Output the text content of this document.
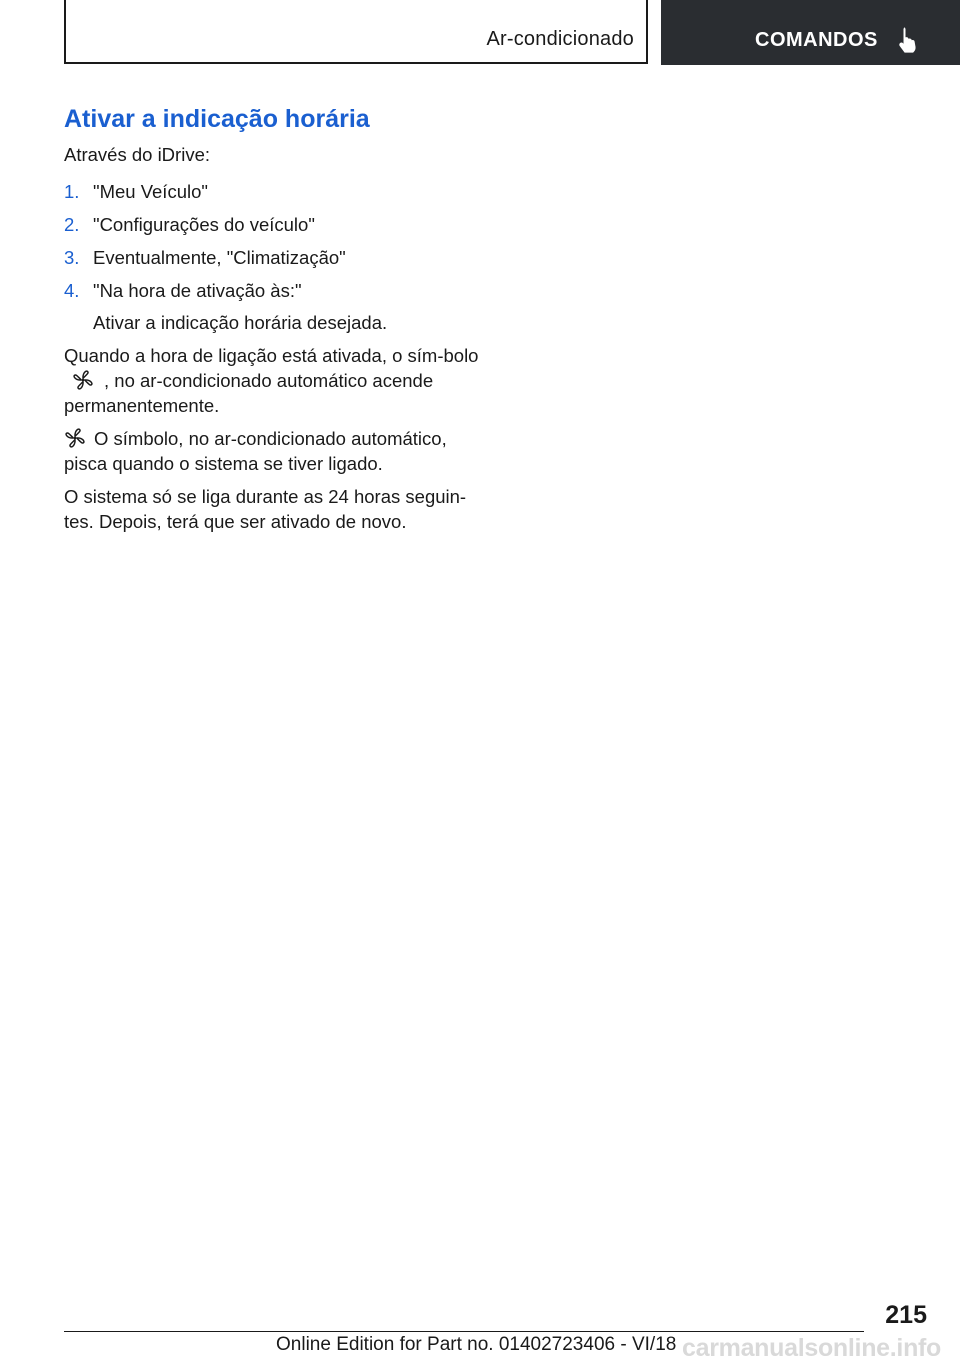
Ar-condicionado	COMANDOS
Ativar a indicação horária

Através do iDrive:

1. "Meu Veículo"
2. "Configurações do veículo"
3. Eventualmente, "Climatização"
4. "Na hora de ativação às:"

Ativar a indicação horária desejada.

Quando a hora de ligação está ativada, o sím-bolo, no ar-condicionado automático acende permanentemente.

O símbolo, no ar-condicionado automático, pisca quando o sistema se tiver ligado.

O sistema só se liga durante as 24 horas seguin-tes. Depois, terá que ser ativado de novo.

215
Online Edition for Part no. 01402723406 - VI/18 carmanualsonline.info
